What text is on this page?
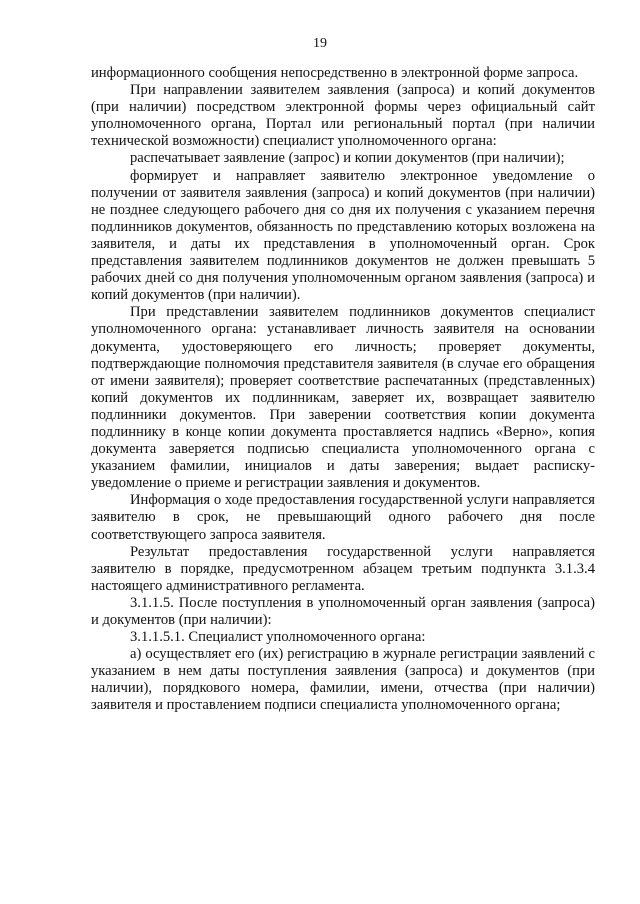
19

информационного сообщения непосредственно в электронной форме запроса.

При направлении заявителем заявления (запроса) и копий документов (при наличии) посредством электронной формы через официальный сайт уполномоченного органа, Портал или региональный портал (при наличии технической возможности) специалист уполномоченного органа:

распечатывает заявление (запрос) и копии документов (при наличии);

формирует и направляет заявителю электронное уведомление о получении от заявителя заявления (запроса) и копий документов (при наличии) не позднее следующего рабочего дня со дня их получения с указанием перечня подлинников документов, обязанность по представлению которых возложена на заявителя, и даты их представления в уполномоченный орган. Срок представления заявителем подлинников документов не должен превышать 5 рабочих дней со дня получения уполномоченным органом заявления (запроса) и копий документов (при наличии).

При представлении заявителем подлинников документов специалист уполномоченного органа: устанавливает личность заявителя на основании документа, удостоверяющего его личность; проверяет документы, подтверждающие полномочия представителя заявителя (в случае его обращения от имени заявителя); проверяет соответствие распечатанных (представленных) копий документов их подлинникам, заверяет их, возвращает заявителю подлинники документов. При заверении соответствия копии документа подлиннику в конце копии документа проставляется надпись «Верно», копия документа заверяется подписью специалиста уполномоченного органа с указанием фамилии, инициалов и даты заверения; выдает расписку-уведомление о приеме и регистрации заявления и документов.

Информация о ходе предоставления государственной услуги направляется заявителю в срок, не превышающий одного рабочего дня после соответствующего запроса заявителя.

Результат предоставления государственной услуги направляется заявителю в порядке, предусмотренном абзацем третьим подпункта 3.1.3.4 настоящего административного регламента.

3.1.1.5. После поступления в уполномоченный орган заявления (запроса) и документов (при наличии):

3.1.1.5.1. Специалист уполномоченного органа:

а) осуществляет его (их) регистрацию в журнале регистрации заявлений с указанием в нем даты поступления заявления (запроса) и документов (при наличии), порядкового номера, фамилии, имени, отчества (при наличии) заявителя и проставлением подписи специалиста уполномоченного органа;
